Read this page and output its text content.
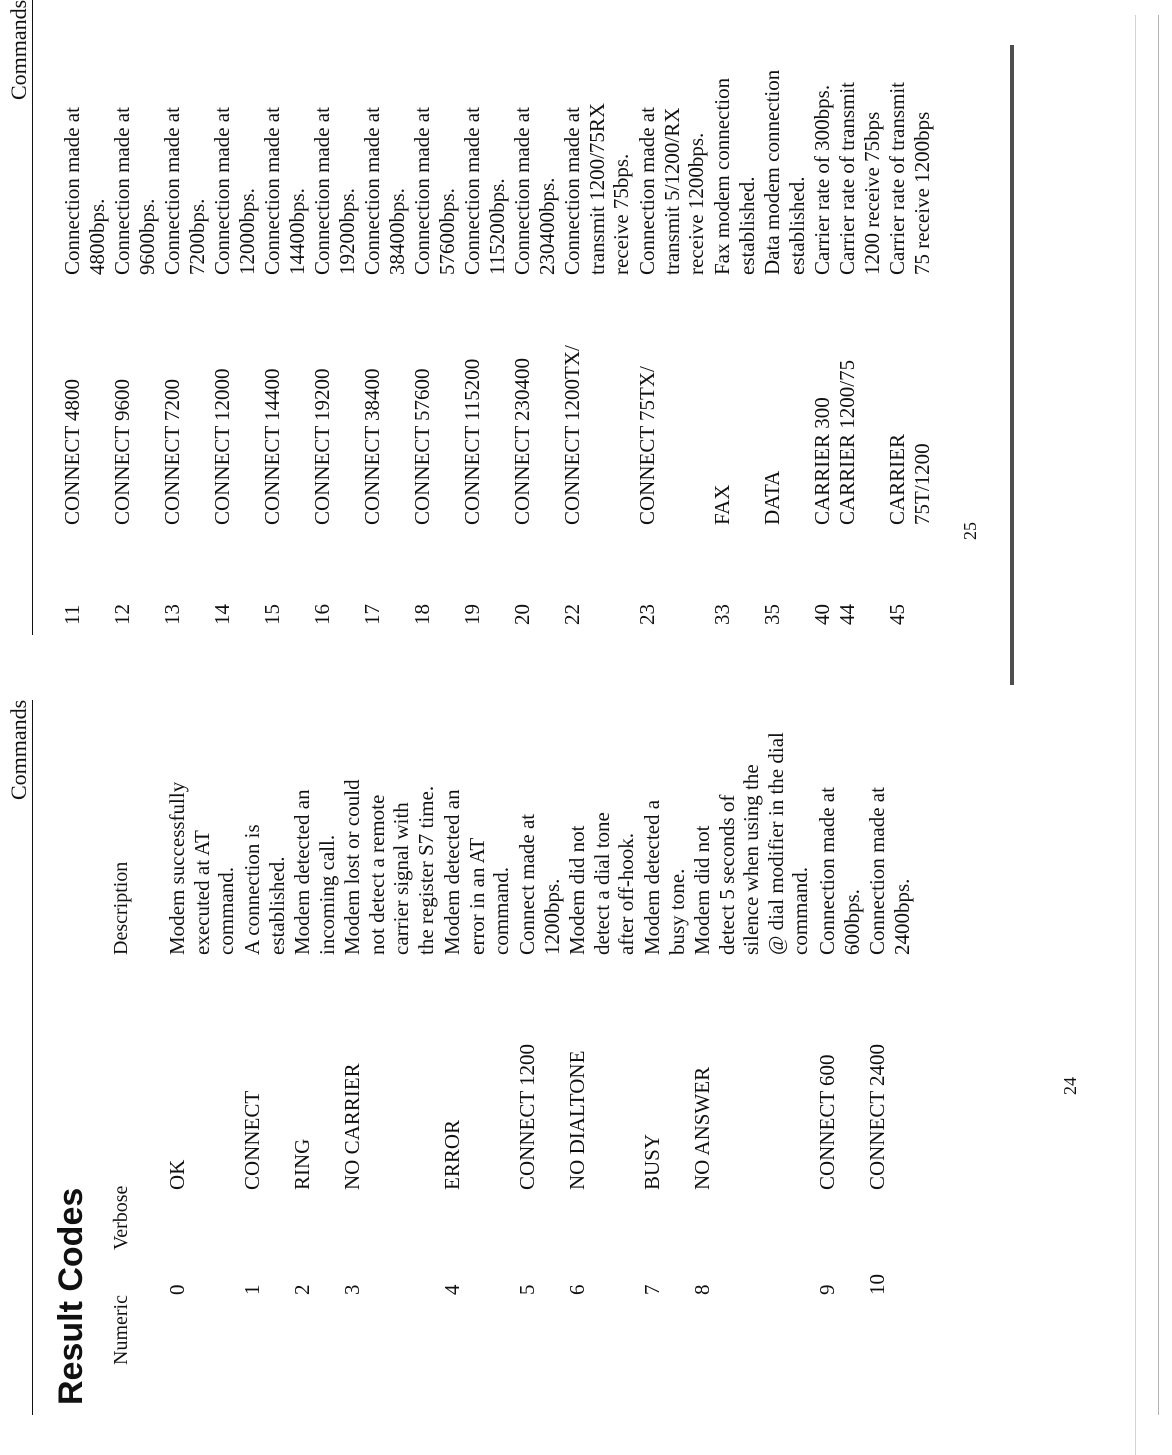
Commands
Result Codes Numeric
Verbose
Description
0
OK
Modem successfully executed at AT command.
1
CONNECT
A connection is established.
2
RING
Modem detected an incoming call.
3
NO CARRIER
Modem lost or could not detect a remote carrier signal with the register S7 time.
4
ERROR
Modem detected an error in an AT command.
5
CONNECT 1200
Connect made at 1200bps.
6
NO DIALTONE
Modem did not detect a dial tone after off-hook.
7
BUSY
Modem detected a busy tone.
8
NO ANSWER
Modem did not detect 5 seconds of silence when using the @ dial modifier in the dial command.
9
CONNECT 600
Connection made at 600bps.
10
CONNECT 2400
Connection made at 2400bps.
24
Commands
11
CONNECT 4800
Connection made at 4800bps.
12
CONNECT 9600
Connection made at 9600bps.
13
CONNECT 7200
Connection made at 7200bps.
14
CONNECT 12000
Connection made at 12000bps.
15
CONNECT 14400
Connection made at 14400bps.
16
CONNECT 19200
Connection made at 19200bps.
17
CONNECT 38400
Connection made at 38400bps.
18
CONNECT 57600
Connection made at 57600bps.
19
CONNECT 115200
Connection made at 115200bps.
20
CONNECT 230400
Connection made at 230400bps.
22
CONNECT 1200TX/
Connection made at transmit 1200/75RX receive 75bps.
23
CONNECT 75TX/
Connection made at transmit 5/1200/RX receive 1200bps.
33
FAX
Fax modem connection established.
35
DATA
Data modem connection established.
40
CARRIER 300
Carrier rate of 300bps.
44
CARRIER 1200/75
Carrier rate of transmit 1200 receive 75bps
45
CARRIER 75T/1200
Carrier rate of transmit 75 receive 1200bps
25
